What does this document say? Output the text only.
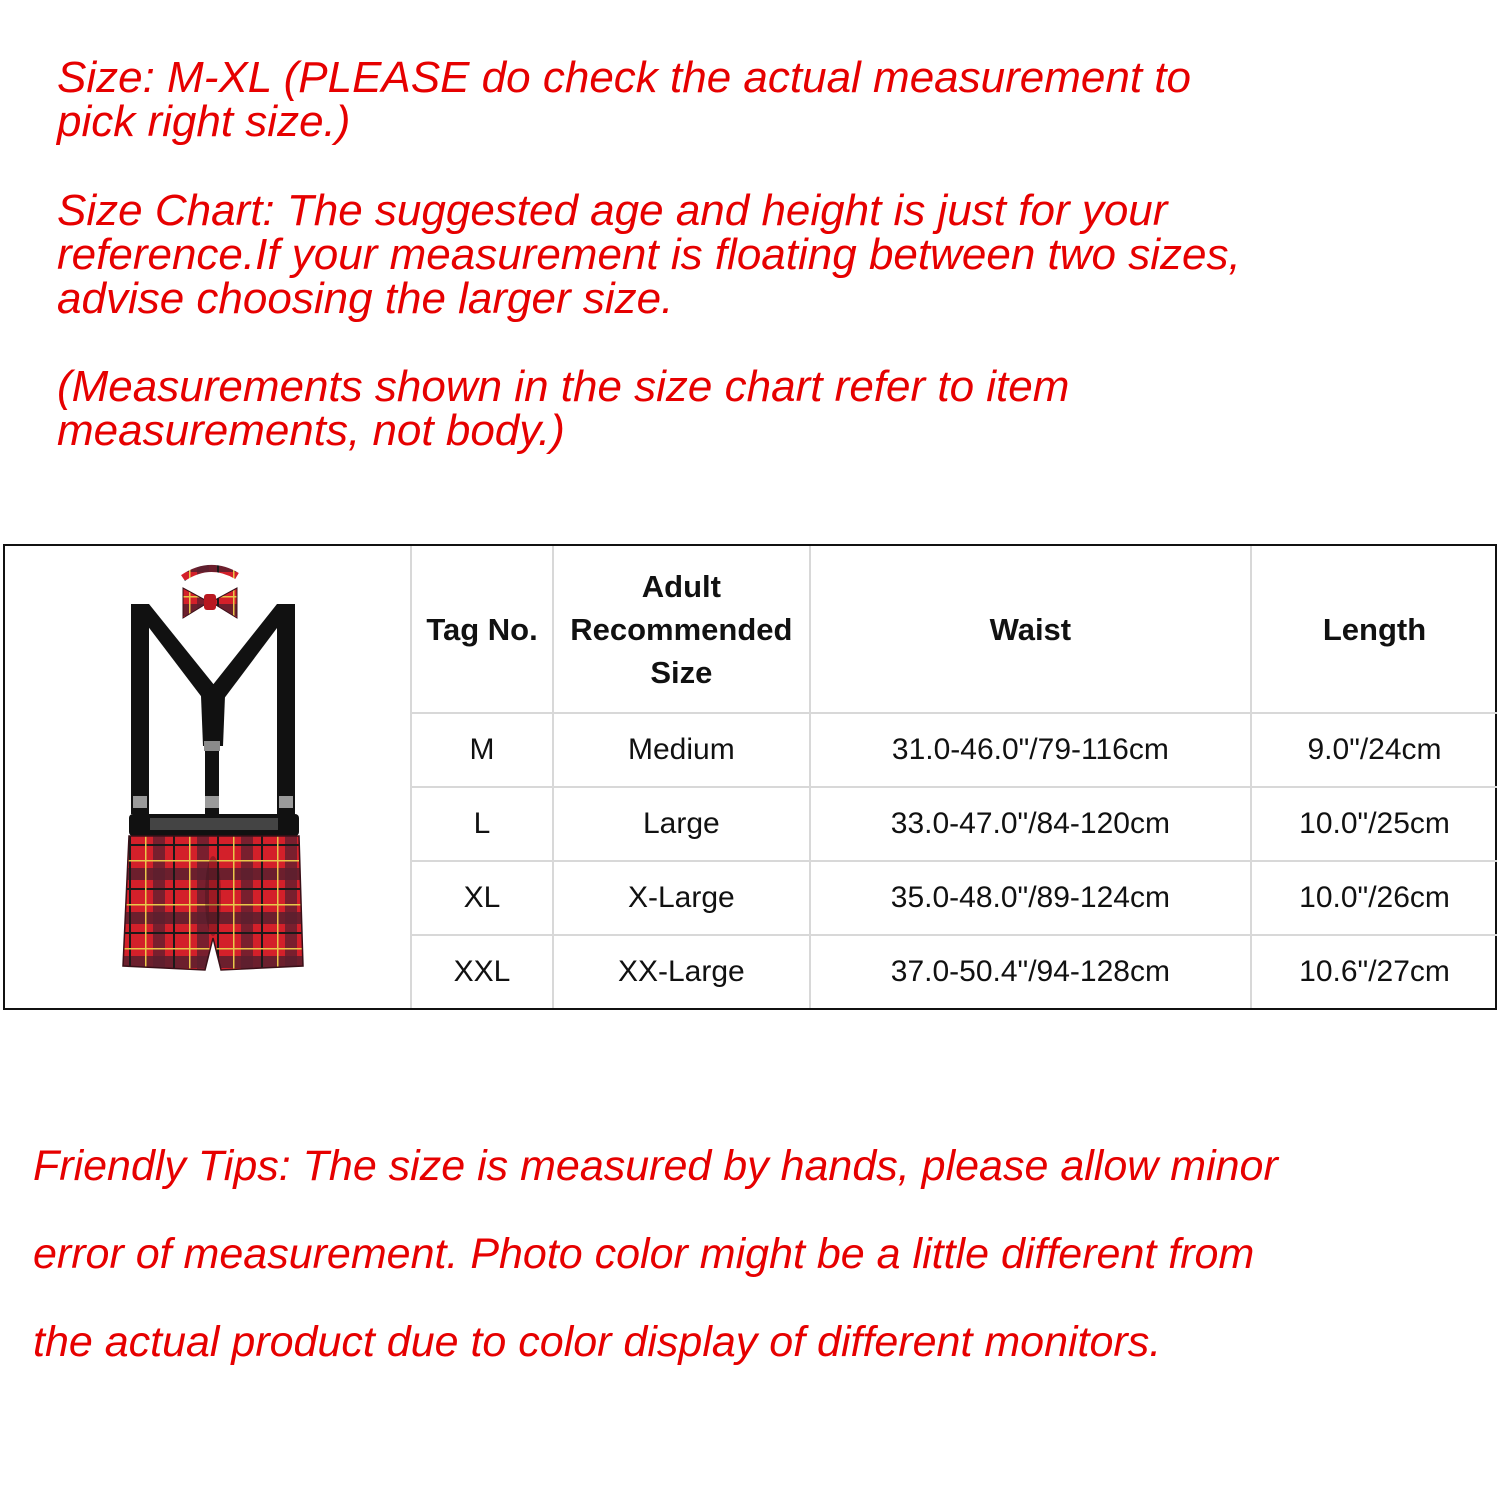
Size: M-XL (PLEASE do check the actual measurement to
pick right size.)
Size Chart: The suggested age and height is just for your
reference.If your measurement is floating between two sizes,
advise choosing the larger size.
(Measurements shown in the size chart refer to item
measurements, not body.)
Tag No.	Adult
Recommended
Size	Waist	Length
M	Medium	31.0-46.0"/79-116cm	9.0"/24cm
L	Large	33.0-47.0"/84-120cm	10.0"/25cm
XL	X-Large	35.0-48.0"/89-124cm	10.0"/26cm
XXL	XX-Large	37.0-50.4"/94-128cm	10.6"/27cm
Friendly Tips: The size is measured by hands, please allow minor
error of measurement. Photo color might be a little different from
the actual product due to color display of different monitors.
